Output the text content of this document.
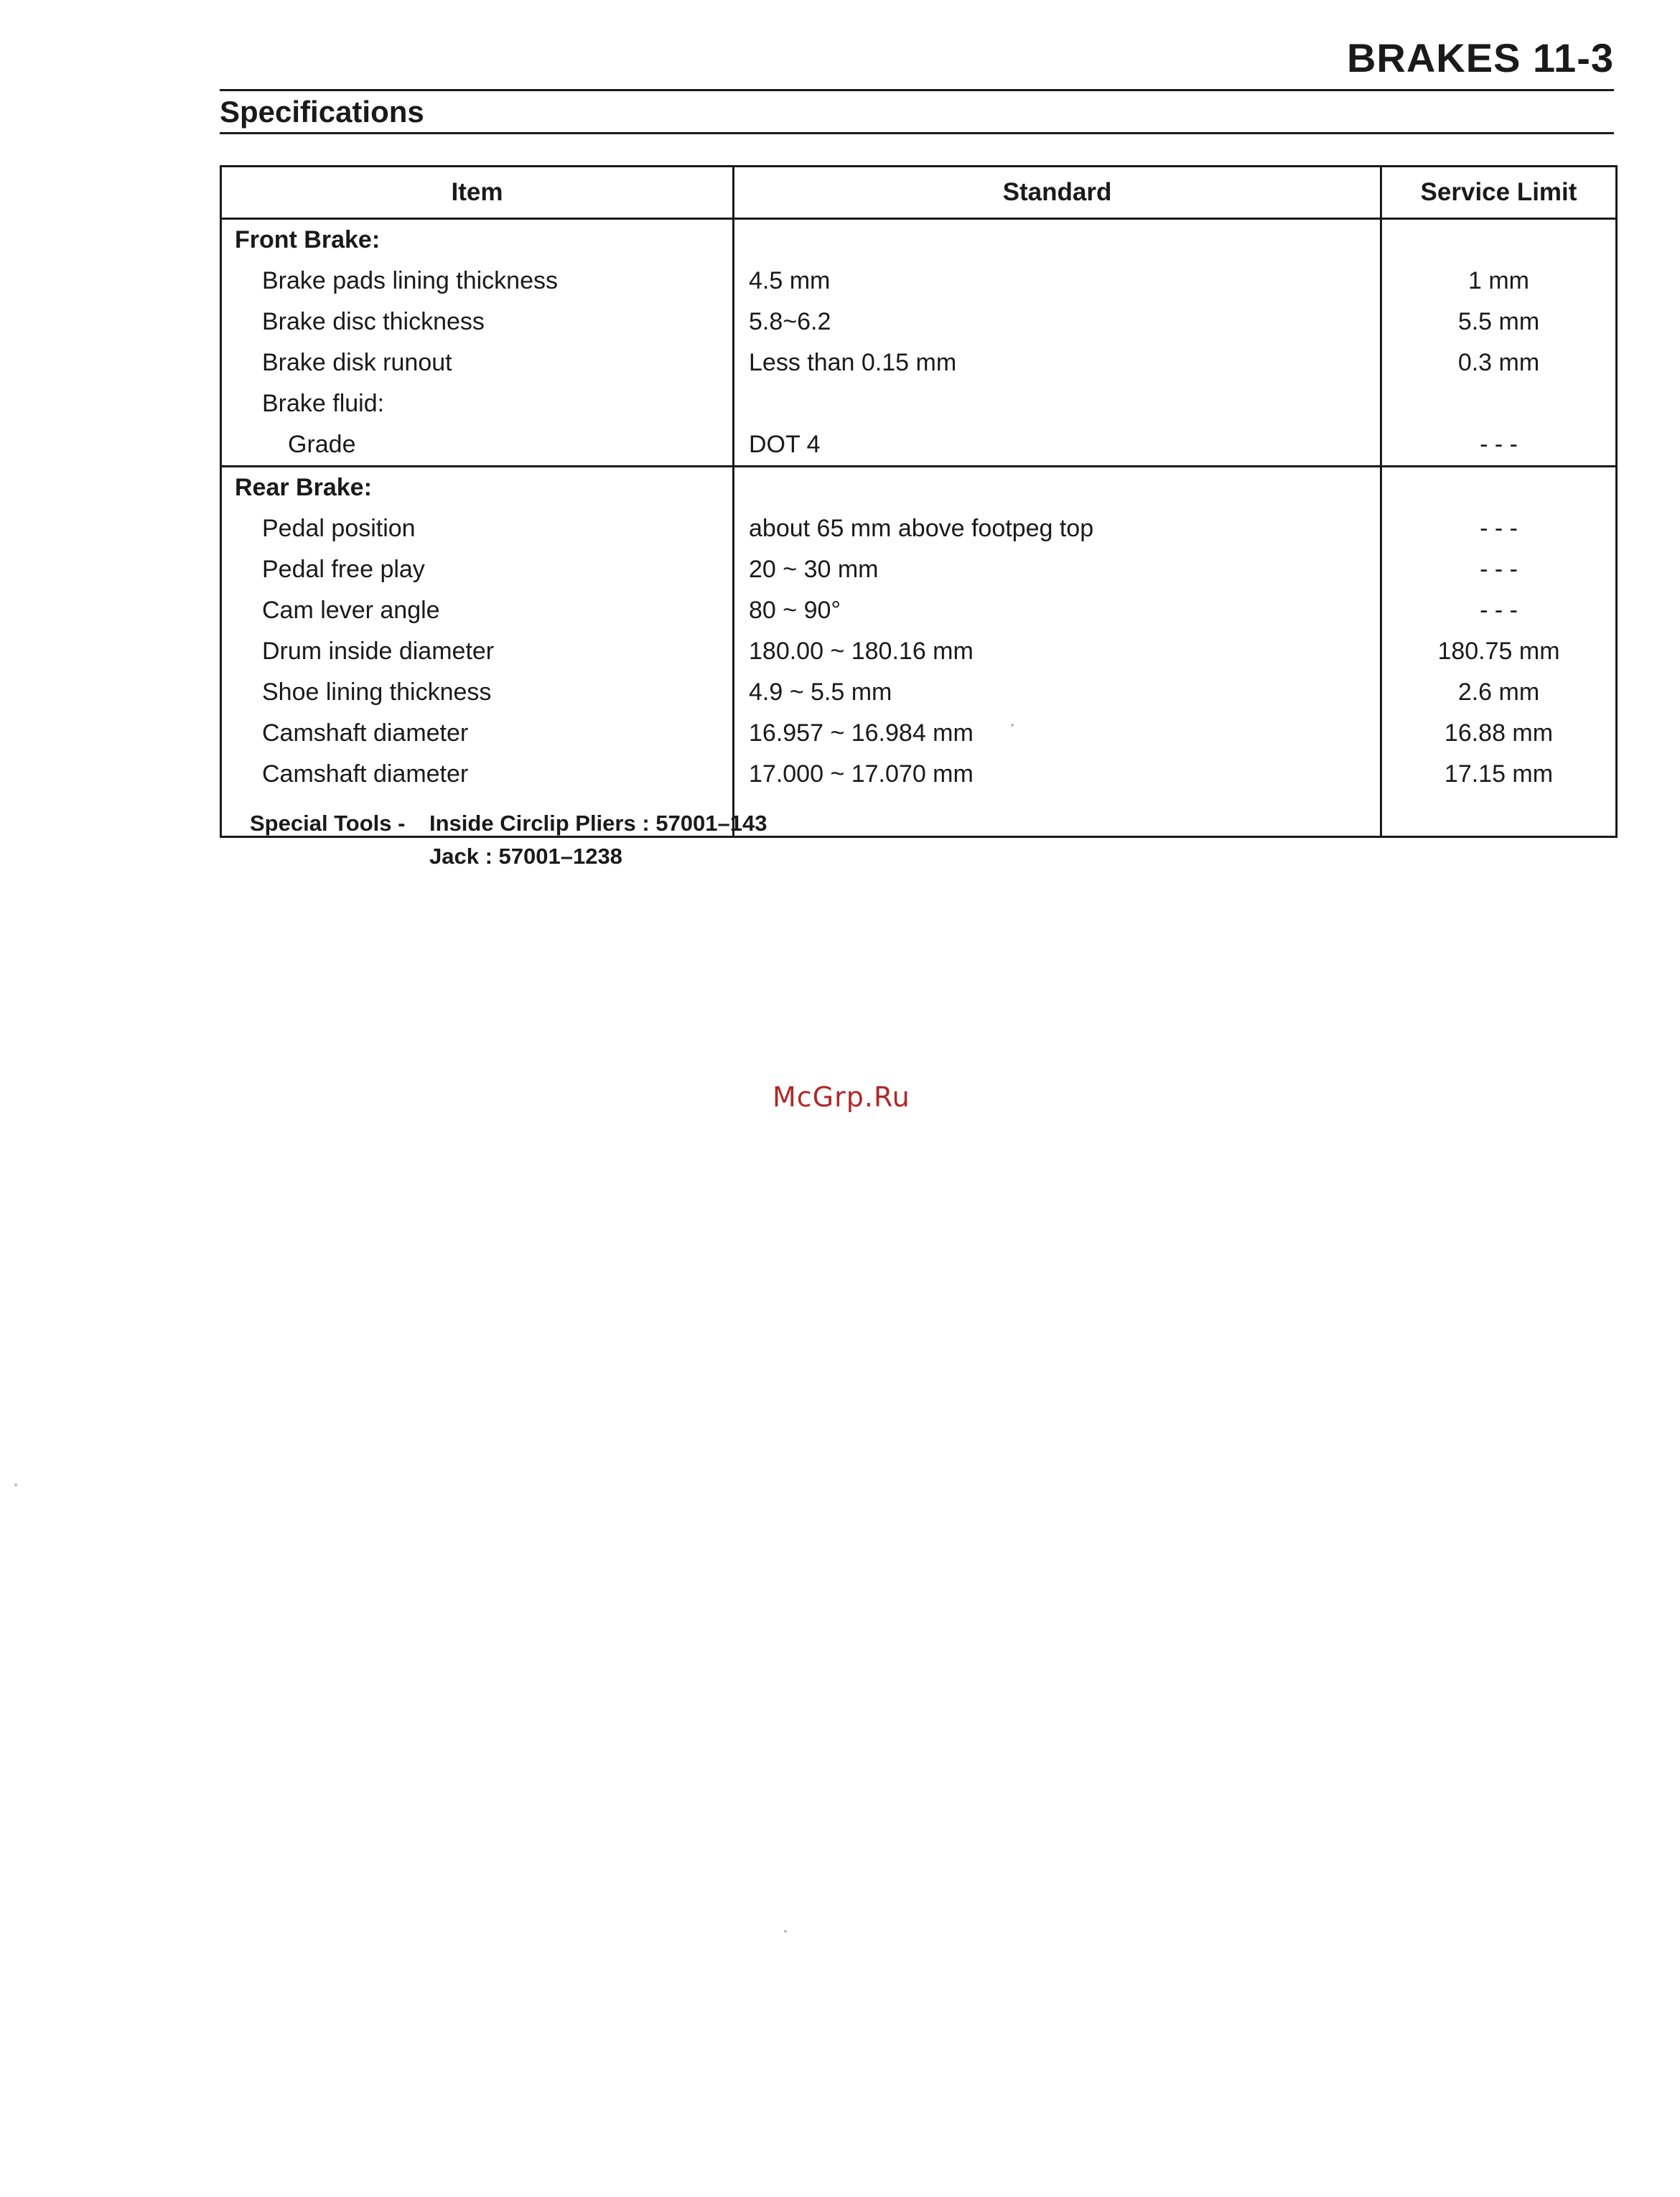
BRAKES 11-3
Specifications
Item	Standard	Service Limit
Front Brake:		
Brake pads lining thickness	4.5 mm	1 mm
Brake disc thickness	5.8~6.2	5.5 mm
Brake disk runout	Less than 0.15 mm	0.3 mm
Brake fluid:		
Grade	DOT 4	- - -
Rear Brake:		
Pedal position	about 65 mm above footpeg top	- - -
Pedal free play	20 ~ 30 mm	- - -
Cam lever angle	80 ~ 90°	- - -
Drum inside diameter	180.00 ~ 180.16 mm	180.75 mm
Shoe lining thickness	4.9 ~ 5.5 mm	2.6 mm
Camshaft diameter	16.957 ~ 16.984 mm	16.88 mm
Camshaft diameter	17.000 ~ 17.070 mm	17.15 mm

Special Tools - Inside Circlip Pliers : 57001–143
Jack : 57001–1238
McGrp.Ru
